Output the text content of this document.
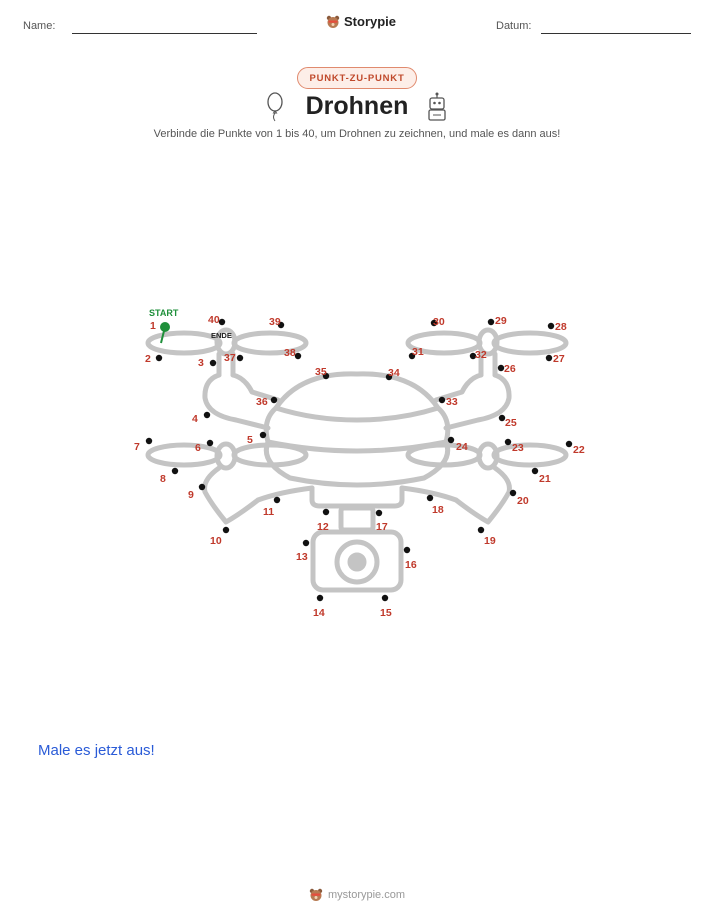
Name:	Storypie	Datum:
PUNKT-ZU-PUNKT
Drohnen
Verbinde die Punkte von 1 bis 40, um Drohnen zu zeichnen, und male es dann aus!
START
ENDE
1
2	3
4
5
6
7
8
9
10
11
12
13
14	15
16
17
18
19
20
21
22
23
24
25
26
27
28
29
30
31	32
33
34
35
36
37	38
39
40
Male es jetzt aus!
mystorypie.com
